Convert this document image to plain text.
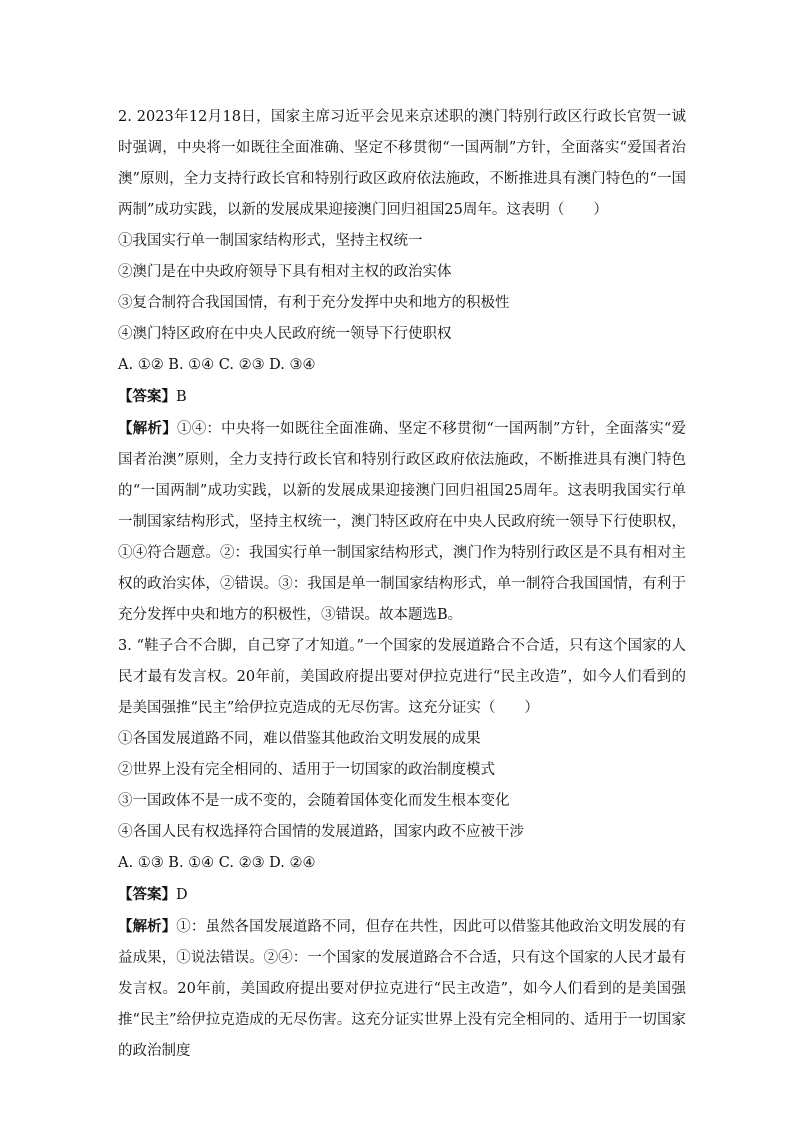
2. 2023年12月18日，国家主席习近平会见来京述职的澳门特别行政区行政长官贺一诚时强调，中央将一如既往全面准确、坚定不移贯彻“一国两制”方针，全面落实“爱国者治澳”原则，全力支持行政长官和特别行政区政府依法施政，不断推进具有澳门特色的“一国两制”成功实践，以新的发展成果迎接澳门回归祖国25周年。这表明（　　）

①我国实行单一制国家结构形式，坚持主权统一

②澳门是在中央政府领导下具有相对主权的政治实体

③复合制符合我国国情，有利于充分发挥中央和地方的积极性

④澳门特区政府在中央人民政府统一领导下行使职权

A. ①② B. ①④ C. ②③ D. ③④

【答案】B

【解析】①④：中央将一如既往全面准确、坚定不移贯彻“一国两制”方针，全面落实“爱国者治澳”原则，全力支持行政长官和特别行政区政府依法施政，不断推进具有澳门特色的“一国两制”成功实践，以新的发展成果迎接澳门回归祖国25周年。这表明我国实行单一制国家结构形式，坚持主权统一，澳门特区政府在中央人民政府统一领导下行使职权，①④符合题意。②：我国实行单一制国家结构形式，澳门作为特别行政区是不具有相对主权的政治实体，②错误。③：我国是单一制国家结构形式，单一制符合我国国情，有利于充分发挥中央和地方的积极性，③错误。故本题选B。

3. “鞋子合不合脚，自己穿了才知道。”一个国家的发展道路合不合适，只有这个国家的人民才最有发言权。20年前，美国政府提出要对伊拉克进行“民主改造”，如今人们看到的是美国强推“民主”给伊拉克造成的无尽伤害。这充分证实（　　）

①各国发展道路不同，难以借鉴其他政治文明发展的成果

②世界上没有完全相同的、适用于一切国家的政治制度模式

③一国政体不是一成不变的，会随着国体变化而发生根本变化

④各国人民有权选择符合国情的发展道路，国家内政不应被干涉

A. ①③ B. ①④ C. ②③ D. ②④

【答案】D

【解析】①：虽然各国发展道路不同，但存在共性，因此可以借鉴其他政治文明发展的有益成果，①说法错误。②④：一个国家的发展道路合不合适，只有这个国家的人民才最有发言权。20年前，美国政府提出要对伊拉克进行“民主改造”，如今人们看到的是美国强推“民主”给伊拉克造成的无尽伤害。这充分证实世界上没有完全相同的、适用于一切国家的政治制度
